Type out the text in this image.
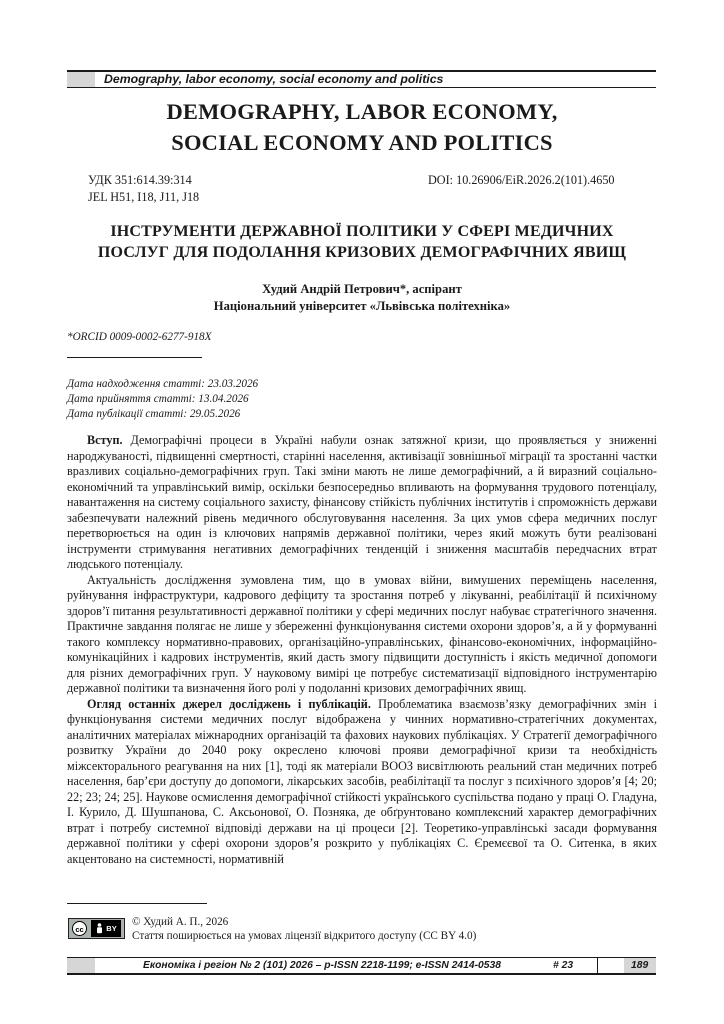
Demography, labor economy, social economy and politics
DEMOGRAPHY, LABOR ECONOMY,
SOCIAL ECONOMY AND POLITICS
УДК 351:614.39:314
JEL H51, I18, J11, J18
DOI: 10.26906/EiR.2026.2(101).4650
ІНСТРУМЕНТИ ДЕРЖАВНОЇ ПОЛІТИКИ У СФЕРІ МЕДИЧНИХ
ПОСЛУГ ДЛЯ ПОДОЛАННЯ КРИЗОВИХ ДЕМОГРАФІЧНИХ ЯВИЩ
Худий Андрій Петрович*, аспірант
Національний університет «Львівська політехніка»
*ORCID 0009-0002-6277-918X
Дата надходження статті: 23.03.2026
Дата прийняття статті: 13.04.2026
Дата публікації статті: 29.05.2026

Вступ. Демографічні процеси в Україні набули ознак затяжної кризи, що проявляється у зниженні народжуваності, підвищенні смертності, старінні населення, активізації зовнішньої міграції та зростанні частки вразливих соціально-демографічних груп. Такі зміни мають не лише демографічний, а й виразний соціально-економічний та управлінський вимір, оскільки безпосередньо впливають на формування трудового потенціалу, навантаження на систему соціального захисту, фінансову стійкість публічних інститутів і спроможність держави забезпечувати належний рівень медичного обслуговування населення. За цих умов сфера медичних послуг перетворюється на один із ключових напрямів державної політики, через який можуть бути реалізовані інструменти стримування негативних демографічних тенденцій і зниження масштабів передчасних втрат людського потенціалу.

Актуальність дослідження зумовлена тим, що в умовах війни, вимушених переміщень населення, руйнування інфраструктури, кадрового дефіциту та зростання потреб у лікуванні, реабілітації й психічному здоров’ї питання результативності державної політики у сфері медичних послуг набуває стратегічного значення. Практичне завдання полягає не лише у збереженні функціонування системи охорони здоров’я, а й у формуванні такого комплексу нормативно-правових, організаційно-управлінських, фінансово-економічних, інформаційно-комунікаційних і кадрових інструментів, який дасть змогу підвищити доступність і якість медичної допомоги для різних демографічних груп. У науковому вимірі це потребує систематизації відповідного інструментарію державної політики та визначення його ролі у подоланні кризових демографічних явищ.

Огляд останніх джерел досліджень і публікацій. Проблематика взаємозв’язку демографічних змін і функціонування системи медичних послуг відображена у чинних нормативно-стратегічних документах, аналітичних матеріалах міжнародних організацій та фахових наукових публікаціях. У Стратегії демографічного розвитку України до 2040 року окреслено ключові прояви демографічної кризи та необхідність міжсекторального реагування на них [1], тоді як матеріали ВООЗ висвітлюють реальний стан медичних потреб населення, бар’єри доступу до допомоги, лікарських засобів, реабілітації та послуг з психічного здоров’я [4; 20; 22; 23; 24; 25]. Наукове осмислення демографічної стійкості українського суспільства подано у праці О. Гладуна, І. Курило, Д. Шушпанова, С. Аксьонової, О. Позняка, де обґрунтовано комплексний характер демографічних втрат і потребу системної відповіді держави на ці процеси [2]. Теоретико-управлінські засади формування державної політики у сфері охорони здоров’я розкрито у публікаціях С. Єремєєвої та О. Ситенка, в яких акцентовано на системності, нормативній

cc	BY
© Худий А. П., 2026
Стаття поширюється на умовах ліцензії відкритого доступу (CC BY 4.0)
Економіка і регіон № 2 (101) 2026 – p-ISSN 2218-1199; e-ISSN 2414-0538	# 23	189
